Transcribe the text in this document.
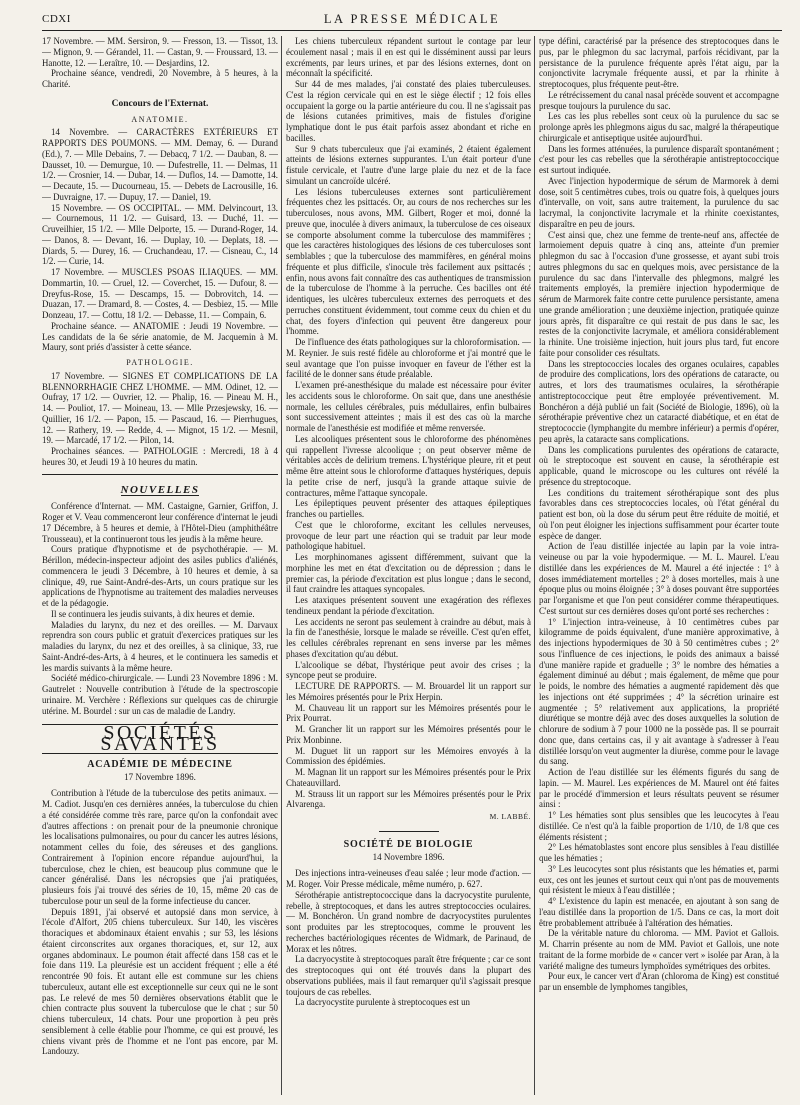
CDXI	LA PRESSE MÉDICALE

17 Novembre. — MM. Sersiron, 9. — Fresson, 13. — Tissot, 13. — Mignon, 9. — Gérandel, 11. — Castan, 9. — Froussard, 13. — Hanotte, 12. — Leraître, 10. — Desjardins, 12.

Prochaine séance, vendredi, 20 Novembre, à 5 heures, à la Charité.

Concours de l'Externat.
ANATOMIE.

14 Novembre. — CARACTÈRES EXTÉRIEURS ET RAPPORTS DES POUMONS. — MM. Demay, 6. — Durand (Ed.), 7. — Mlle Debains, 7. — Debacq, 7 1/2. — Dauban, 8. — Dausset, 10. — Demurgue, 10. — Dufestrelle, 11. — Delmas, 11 1/2. — Crosnier, 14. — Dubar, 14. — Duflos, 14. — Damotte, 14. — Decaute, 15. — Ducourneau, 15. — Debets de Lacrousille, 16. — Duvraigne, 17. — Dupuy, 17. — Daniel, 19.

15 Novembre. — OS OCCIPITAL. — MM. Delvincourt, 13. — Cournemous, 11 1/2. — Guisard, 13. — Duché, 11. — Cruveilhier, 15 1/2. — Mlle Delporte, 15. — Durand-Roger, 14. — Danos, 8. — Devant, 16. — Duplay, 10. — Deplats, 18. — Diards, 5. — Durey, 16. — Cruchandeau, 17. — Cisneau, C., 14 1/2. — Curie, 14.

17 Novembre. — MUSCLES PSOAS ILIAQUES. — MM. Dommartin, 10. — Cruel, 12. — Coverchet, 15. — Dufour, 8. — Dreyfus-Rose, 15. — Descamps, 15. — Dobrovitch, 14. — Duazan, 17. — Dramard, 8. — Costes, 4. — Desbiez, 15. — Mlle Donzeau, 17. — Cottu, 18 1/2. — Debasse, 11. — Compain, 6.

Prochaine séance. — ANATOMIE : Jeudi 19 Novembre. — Les candidats de la 6e série anatomie, de M. Jacquemin à M. Maury, sont priés d'assister à cette séance.

PATHOLOGIE.

17 Novembre. — SIGNES ET COMPLICATIONS DE LA BLENNORRHAGIE CHEZ L'HOMME. — MM. Odinet, 12. — Oufray, 17 1/2. — Ouvrier, 12. — Phalip, 16. — Pineau M. H., 14. — Pouliot, 17. — Moineau, 13. — Mlle Przesjewsky, 16. — Quillier, 16 1/2. — Papon, 15. — Pascaud, 16. — Pierrhugues, 12. — Rathery, 19. — Redde, 4. — Mignot, 15 1/2. — Mesnil, 19. — Marcadé, 17 1/2. — Pilon, 14.

Prochaines séances. — PATHOLOGIE : Mercredi, 18 à 4 heures 30, et Jeudi 19 à 10 heures du matin.

NOUVELLES

Conférence d'Internat. — MM. Castaigne, Garnier, Griffon, J. Roger et V. Veau commenceront leur conférence d'internat le jeudi 17 Décembre, à 5 heures et demie, à l'Hôtel-Dieu (amphithéâtre Trousseau), et la continueront tous les jeudis à la même heure.

Cours pratique d'hypnotisme et de psychothérapie. — M. Bérillon, médecin-inspecteur adjoint des asiles publics d'aliénés, commencera le jeudi 3 Décembre, à 10 heures et demie, à sa clinique, 49, rue Saint-André-des-Arts, un cours pratique sur les applications de l'hypnotisme au traitement des maladies nerveuses et de la pédagogie.

Il se continuera les jeudis suivants, à dix heures et demie.

Maladies du larynx, du nez et des oreilles. — M. Darvaux reprendra son cours public et gratuit d'exercices pratiques sur les maladies du larynx, du nez et des oreilles, à sa clinique, 33, rue Saint-André-des-Arts, à 4 heures, et le continuera les samedis et les mardis suivants à la même heure.

Société médico-chirurgicale. — Lundi 23 Novembre 1896 : M. Gautrelet : Nouvelle contribution à l'étude de la spectroscopie urinaire. M. Verchère : Réflexions sur quelques cas de chirurgie utérine. M. Bourdel : sur un cas de maladie de Landry.

SOCIÉTÉS SAVANTES
ACADÉMIE DE MÉDECINE
17 Novembre 1896.

Contribution à l'étude de la tuberculose des petits animaux. — M. Cadiot. Jusqu'en ces dernières années, la tuberculose du chien a été considérée comme très rare, parce qu'on la confondait avec d'autres affections : on prenait pour de la pneumonie chronique les localisations pulmonaires, ou pour du cancer les autres lésions, notamment celles du foie, des séreuses et des ganglions. Contrairement à l'opinion encore répandue aujourd'hui, la tuberculose, chez le chien, est beaucoup plus commune que le cancer généralisé. Dans les nécropsies que j'ai pratiquées, plusieurs fois j'ai trouvé des séries de 10, 15, même 20 cas de tuberculose pour un seul de la forme infectieuse du cancer.

Depuis 1891, j'ai observé et autopsié dans mon service, à l'école d'Alfort, 205 chiens tuberculeux. Sur 140, les viscères thoraciques et abdominaux étaient envahis ; sur 53, les lésions étaient circonscrites aux organes thoraciques, et, sur 12, aux organes abdominaux. Le poumon était affecté dans 158 cas et le foie dans 119. La pleurésie est un accident fréquent ; elle a été rencontrée 90 fois. Et autant elle est commune sur les chiens tuberculeux, autant elle est exceptionnelle sur ceux qui ne le sont pas. Le relevé de mes 50 dernières observations établit que le chien contracte plus souvent la tuberculose que le chat ; sur 50 chiens tuberculeux, 14 chats. Pour une proportion à peu près sensiblement à celle établie pour l'homme, ce qui est prouvé, les chiens vivant près de l'homme et ne l'ont pas encore, par M. Landouzy.

Les chiens tuberculeux répandent surtout le contage par leur écoulement nasal ; mais il en est qui le disséminent aussi par leurs excréments, par leurs urines, et par des lésions externes, dont on méconnaît la spécificité.

Sur 44 de mes malades, j'ai constaté des plaies tuberculeuses. C'est la région cervicale qui en est le siège électif ; 12 fois elles occupaient la gorge ou la partie antérieure du cou. Il ne s'agissait pas de lésions cutanées primitives, mais de fistules d'origine lymphatique dont le pus était parfois assez abondant et riche en bacilles.

Sur 9 chats tuberculeux que j'ai examinés, 2 étaient également atteints de lésions externes suppurantes. L'un était porteur d'une fistule cervicale, et l'autre d'une large plaie du nez et de la face simulant un cancroïde ulcéré.

Les lésions tuberculeuses externes sont particulièrement fréquentes chez les psittacés. Or, au cours de nos recherches sur les tuberculoses, nous avons, MM. Gilbert, Roger et moi, donné la preuve que, inoculée à divers animaux, la tuberculose de ces oiseaux se comporte absolument comme la tuberculose des mammifères ; que les caractères histologiques des lésions de ces tuberculoses sont semblables ; que la tuberculose des mammifères, en général moins fréquente et plus difficile, s'inocule très facilement aux psittacés ; enfin, nous avons fait connaître des cas authentiques de transmission de la tuberculose de l'homme à la perruche. Ces bacilles ont été identiques, les ulcères tuberculeux externes des perroquets et des perruches constituent évidemment, tout comme ceux du chien et du chat, des foyers d'infection qui peuvent être dangereux pour l'homme.

De l'influence des états pathologiques sur la chloroformisation. — M. Reynier. Je suis resté fidèle au chloroforme et j'ai montré que le seul avantage que l'on puisse invoquer en faveur de l'éther est la facilité de le donner sans étude préalable.

L'examen pré-anesthésique du malade est nécessaire pour éviter les accidents sous le chloroforme. On sait que, dans une anesthésie normale, les cellules cérébrales, puis médullaires, enfin bulbaires sont successivement atteintes ; mais il est des cas où la marche normale de l'anesthésie est modifiée et même renversée.

Les alcooliques présentent sous le chloroforme des phénomènes qui rappellent l'ivresse alcoolique ; on peut observer même de véritables accès de delirium tremens. L'hystérique pleure, rit et peut même être atteint sous le chloroforme d'attaques hystériques, depuis la petite crise de nerf, jusqu'à la grande attaque suivie de contractures, même l'attaque syncopale.

Les épileptiques peuvent présenter des attaques épileptiques franches ou partielles.

C'est que le chloroforme, excitant les cellules nerveuses, provoque de leur part une réaction qui se traduit par leur mode pathologique habituel.

Les morphinomanes agissent différemment, suivant que la morphine les met en état d'excitation ou de dépression ; dans le premier cas, la période d'excitation est plus longue ; dans le second, il faut craindre les attaques syncopales.

Les ataxiques présentent souvent une exagération des réflexes tendineux pendant la période d'excitation.

Les accidents ne seront pas seulement à craindre au début, mais à la fin de l'anesthésie, lorsque le malade se réveille. C'est qu'en effet, les cellules cérébrales reprenant en sens inverse par les mêmes phases d'excitation qu'au début.

L'alcoolique se débat, l'hystérique peut avoir des crises ; la syncope peut se produire.

LECTURE DE RAPPORTS. — M. Brouardel lit un rapport sur les Mémoires présentés pour le Prix Herpin.

M. Chauveau lit un rapport sur les Mémoires présentés pour le Prix Pourrat.

M. Grancher lit un rapport sur les Mémoires présentés pour le Prix Monbinne.

M. Duguet lit un rapport sur les Mémoires envoyés à la Commission des épidémies.

M. Magnan lit un rapport sur les Mémoires présentés pour le Prix Chateauvillard.

M. Strauss lit un rapport sur les Mémoires présentés pour le Prix Alvarenga.

M. LABBÉ.
SOCIÉTÉ DE BIOLOGIE
14 Novembre 1896.

Des injections intra-veineuses d'eau salée ; leur mode d'action. — M. Roger. Voir Presse médicale, même numéro, p. 627.

Sérothérapie antistreptococcique dans la dacryocystite purulente, rebelle, à streptocoques, et dans les autres streptococcies oculaires. — M. Bonchéron. Un grand nombre de dacryocystites purulentes sont produites par les streptocoques, comme le prouvent les recherches bactériologiques récentes de Widmark, de Parinaud, de Morax et les nôtres.

La dacryocystite à streptocoques paraît être fréquente ; car ce sont des streptocoques qui ont été trouvés dans la plupart des observations publiées, mais il faut remarquer qu'il s'agissait presque toujours de cas rebelles.

La dacryocystite purulente à streptocoques est un

type défini, caractérisé par la présence des streptocoques dans le pus, par le phlegmon du sac lacrymal, parfois récidivant, par la persistance de la purulence fréquente après l'état aigu, par la conjonctivite lacrymale fréquente aussi, et par la rhinite à streptocoques, plus fréquente peut-être.

Le rétrécissement du canal nasal précède souvent et accompagne presque toujours la purulence du sac.

Les cas les plus rebelles sont ceux où la purulence du sac se prolonge après les phlegmons aigus du sac, malgré la thérapeutique chirurgicale et antiseptique usitée aujourd'hui.

Dans les formes atténuées, la purulence disparaît spontanément ; c'est pour les cas rebelles que la sérothérapie antistreptococcique est surtout indiquée.

Avec l'injection hypodermique de sérum de Marmorek à demi dose, soit 5 centimètres cubes, trois ou quatre fois, à quelques jours d'intervalle, on voit, sans autre traitement, la purulence du sac lacrymal, la conjonctivite lacrymale et la rhinite coexistantes, disparaître en peu de jours.

C'est ainsi que, chez une femme de trente-neuf ans, affectée de larmoiement depuis quatre à cinq ans, atteinte d'un premier phlegmon du sac à l'occasion d'une grossesse, et ayant subi trois autres phlegmons du sac en quelques mois, avec persistance de la purulence du sac dans l'intervalle des phlegmons, malgré les traitements employés, la première injection hypodermique de sérum de Marmorek faite contre cette purulence persistante, amena une grande amélioration ; une deuxième injection, pratiquée quinze jours après, fit disparaître ce qui restait de pus dans le sac, les restes de la conjonctivite lacrymale, et améliora considérablement la rhinite. Une troisième injection, huit jours plus tard, fut encore faite pour consolider ces résultats.

Dans les streptococcies locales des organes oculaires, capables de produire des complications, lors des opérations de cataracte, ou autres, et lors des traumatismes oculaires, la sérothérapie antistreptococcique peut être employée préventivement. M. Bonchéron a déjà publié un fait (Société de Biologie, 1896), où la sérothérapie préventive chez un cataracté diabétique, et en état de streptococcie (lymphangite du membre inférieur) a permis d'opérer, peu après, la cataracte sans complications.

Dans les complications purulentes des opérations de cataracte, où le streptocoque est souvent en cause, la sérothérapie est applicable, quand le microscope ou les cultures ont révélé la présence du streptocoque.

Les conditions du traitement sérothérapique sont des plus favorables dans ces streptococcies locales, où l'état général du patient est bon, où la dose du sérum peut être réduite de moitié, et où l'on peut éloigner les injections suffisamment pour écarter toute espèce de danger.

Action de l'eau distillée injectée au lapin par la voie intra-veineuse ou par la voie hypodermique. — M. L. Maurel. L'eau distillée dans les expériences de M. Maurel a été injectée : 1° à doses immédiatement mortelles ; 2° à doses mortelles, mais à une époque plus ou moins éloignée ; 3° à doses pouvant être supportées par l'organisme et que l'on peut considérer comme thérapeutiques. C'est surtout sur ces dernières doses qu'ont porté ses recherches :

1° L'injection intra-veineuse, à 10 centimètres cubes par kilogramme de poids équivalent, d'une manière approximative, à des injections hypodermiques de 30 à 50 centimètres cubes ; 2° sous l'influence de ces injections, le poids des animaux a baissé d'une manière rapide et graduelle ; 3° le nombre des hématies a également diminué au début ; mais également, de même que pour le poids, le nombre des hématies a augmenté rapidement dès que les injections ont été supprimées ; 4° la sécrétion urinaire est augmentée ; 5° relativement aux applications, la propriété diurétique se montre déjà avec des doses auxquelles la solution de chlorure de sodium à 7 pour 1000 ne la possède pas. Il se pourrait donc que, dans certains cas, il y ait avantage à s'adresser à l'eau distillée lorsqu'on veut augmenter la diurèse, comme pour le lavage du sang.

Action de l'eau distillée sur les éléments figurés du sang de lapin. — M. Maurel. Les expériences de M. Maurel ont été faites par le procédé d'immersion et leurs résultats peuvent se résumer ainsi :

1° Les hématies sont plus sensibles que les leucocytes à l'eau distillée. Ce n'est qu'à la faible proportion de 1/10, de 1/8 que ces éléments résistent ;

2° Les hématoblastes sont encore plus sensibles à l'eau distillée que les hématies ;

3° Les leucocytes sont plus résistants que les hématies et, parmi eux, ces ont les jeunes et surtout ceux qui n'ont pas de mouvements qui résistent le mieux à l'eau distillée ;

4° L'existence du lapin est menacée, en ajoutant à son sang de l'eau distillée dans la proportion de 1/5. Dans ce cas, la mort doit être probablement attribuée à l'altération des hématies.

De la véritable nature du chloroma. — MM. Paviot et Gallois. M. Charrin présente au nom de MM. Paviot et Gallois, une note traitant de la forme morbide de « cancer vert » isolée par Aran, à la variété maligne des tumeurs lymphoïdes symétriques des orbites.

Pour eux, le cancer vert d'Aran (chloroma de King) est constitué par un ensemble de lymphomes tangibles,
